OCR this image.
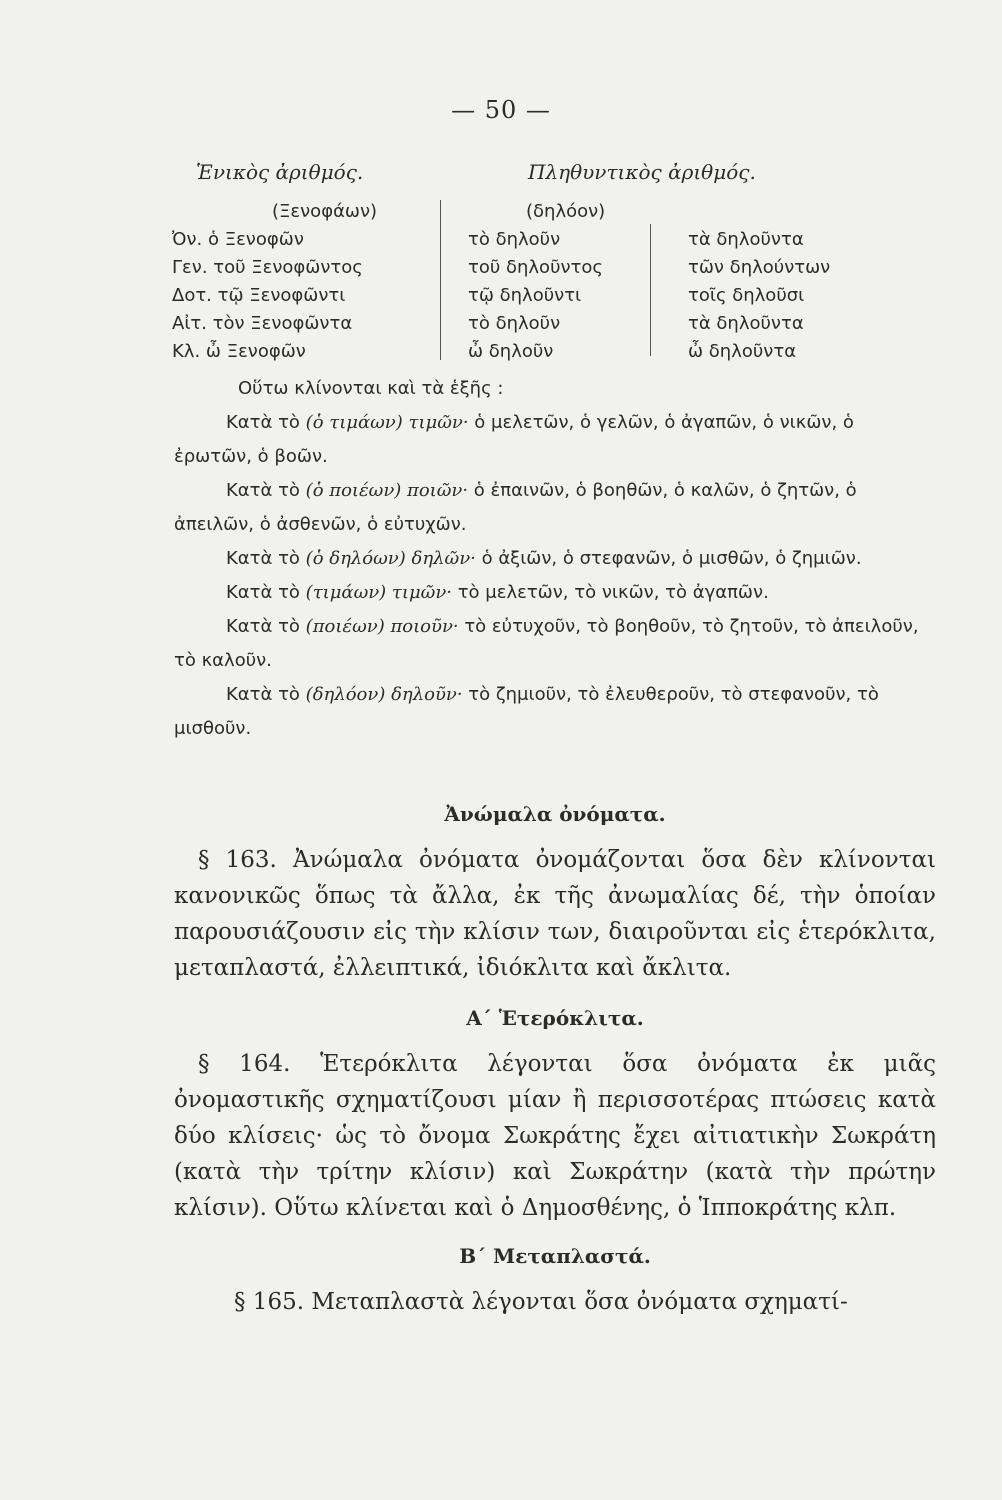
— 50 —
Ἑνικὸς ἀριθμός.	Πληθυντικὸς ἀριθμός.
(Ξενοφάων)
Ὀν. ὁ Ξενοφῶν
Γεν. τοῦ Ξενοφῶντος
Δοτ. τῷ Ξενοφῶντι
Αἰτ. τὸν Ξενοφῶντα
Κλ. ὦ Ξενοφῶν
(δηλόον)
τὸ δηλοῦν
τοῦ δηλοῦντος
τῷ δηλοῦντι
τὸ δηλοῦν
ὦ δηλοῦν
τὰ δηλοῦντα
τῶν δηλούντων
τοῖς δηλοῦσι
τὰ δηλοῦντα
ὦ δηλοῦντα

Οὕτω κλίνονται καὶ τὰ ἑξῆς :

Κατὰ τὸ (ὁ τιμάων) τιμῶν· ὁ μελετῶν, ὁ γελῶν, ὁ ἀγαπῶν, ὁ νικῶν, ὁ ἐρωτῶν, ὁ βοῶν.

Κατὰ τὸ (ὁ ποιέων) ποιῶν· ὁ ἐπαινῶν, ὁ βοηθῶν, ὁ καλῶν, ὁ ζητῶν, ὁ ἀπειλῶν, ὁ ἀσθενῶν, ὁ εὐτυχῶν.

Κατὰ τὸ (ὁ δηλόων) δηλῶν· ὁ ἀξιῶν, ὁ στεφανῶν, ὁ μισθῶν, ὁ ζημιῶν.

Κατὰ τὸ (τιμάων) τιμῶν· τὸ μελετῶν, τὸ νικῶν, τὸ ἀγαπῶν.

Κατὰ τὸ (ποιέων) ποιοῦν· τὸ εὐτυχοῦν, τὸ βοηθοῦν, τὸ ζητοῦν, τὸ ἀπειλοῦν, τὸ καλοῦν.

Κατὰ τὸ (δηλόον) δηλοῦν· τὸ ζημιοῦν, τὸ ἐλευθεροῦν, τὸ στεφανοῦν, τὸ μισθοῦν.

Ἀνώμαλα ὀνόματα.

§ 163. Ἀνώμαλα ὀνόματα ὀνομάζονται ὅσα δὲν κλίνονται κανονικῶς ὅπως τὰ ἄλλα, ἐκ τῆς ἀνωμαλίας δέ, τὴν ὁποίαν παρουσιάζουσιν εἰς τὴν κλίσιν των, διαιροῦνται εἰς ἑτερόκλιτα, μεταπλαστά, ἐλλειπτικά, ἰδιόκλιτα καὶ ἄκλιτα.

Α΄ Ἑτερόκλιτα.

§ 164. Ἑτερόκλιτα λέγονται ὅσα ὀνόματα ἐκ μιᾶς ὀνομαστικῆς σχηματίζουσι μίαν ἢ περισσοτέρας πτώσεις κατὰ δύο κλίσεις· ὡς τὸ ὄνομα Σωκράτης ἔχει αἰτιατικὴν Σωκράτη (κατὰ τὴν τρίτην κλίσιν) καὶ Σωκράτην (κατὰ τὴν πρώτην κλίσιν). Οὕτω κλίνεται καὶ ὁ Δημοσθένης, ὁ Ἱπποκράτης κλπ.

Β΄ Μεταπλαστά.

§ 165. Μεταπλαστὰ λέγονται ὅσα ὀνόματα σχηματί-
